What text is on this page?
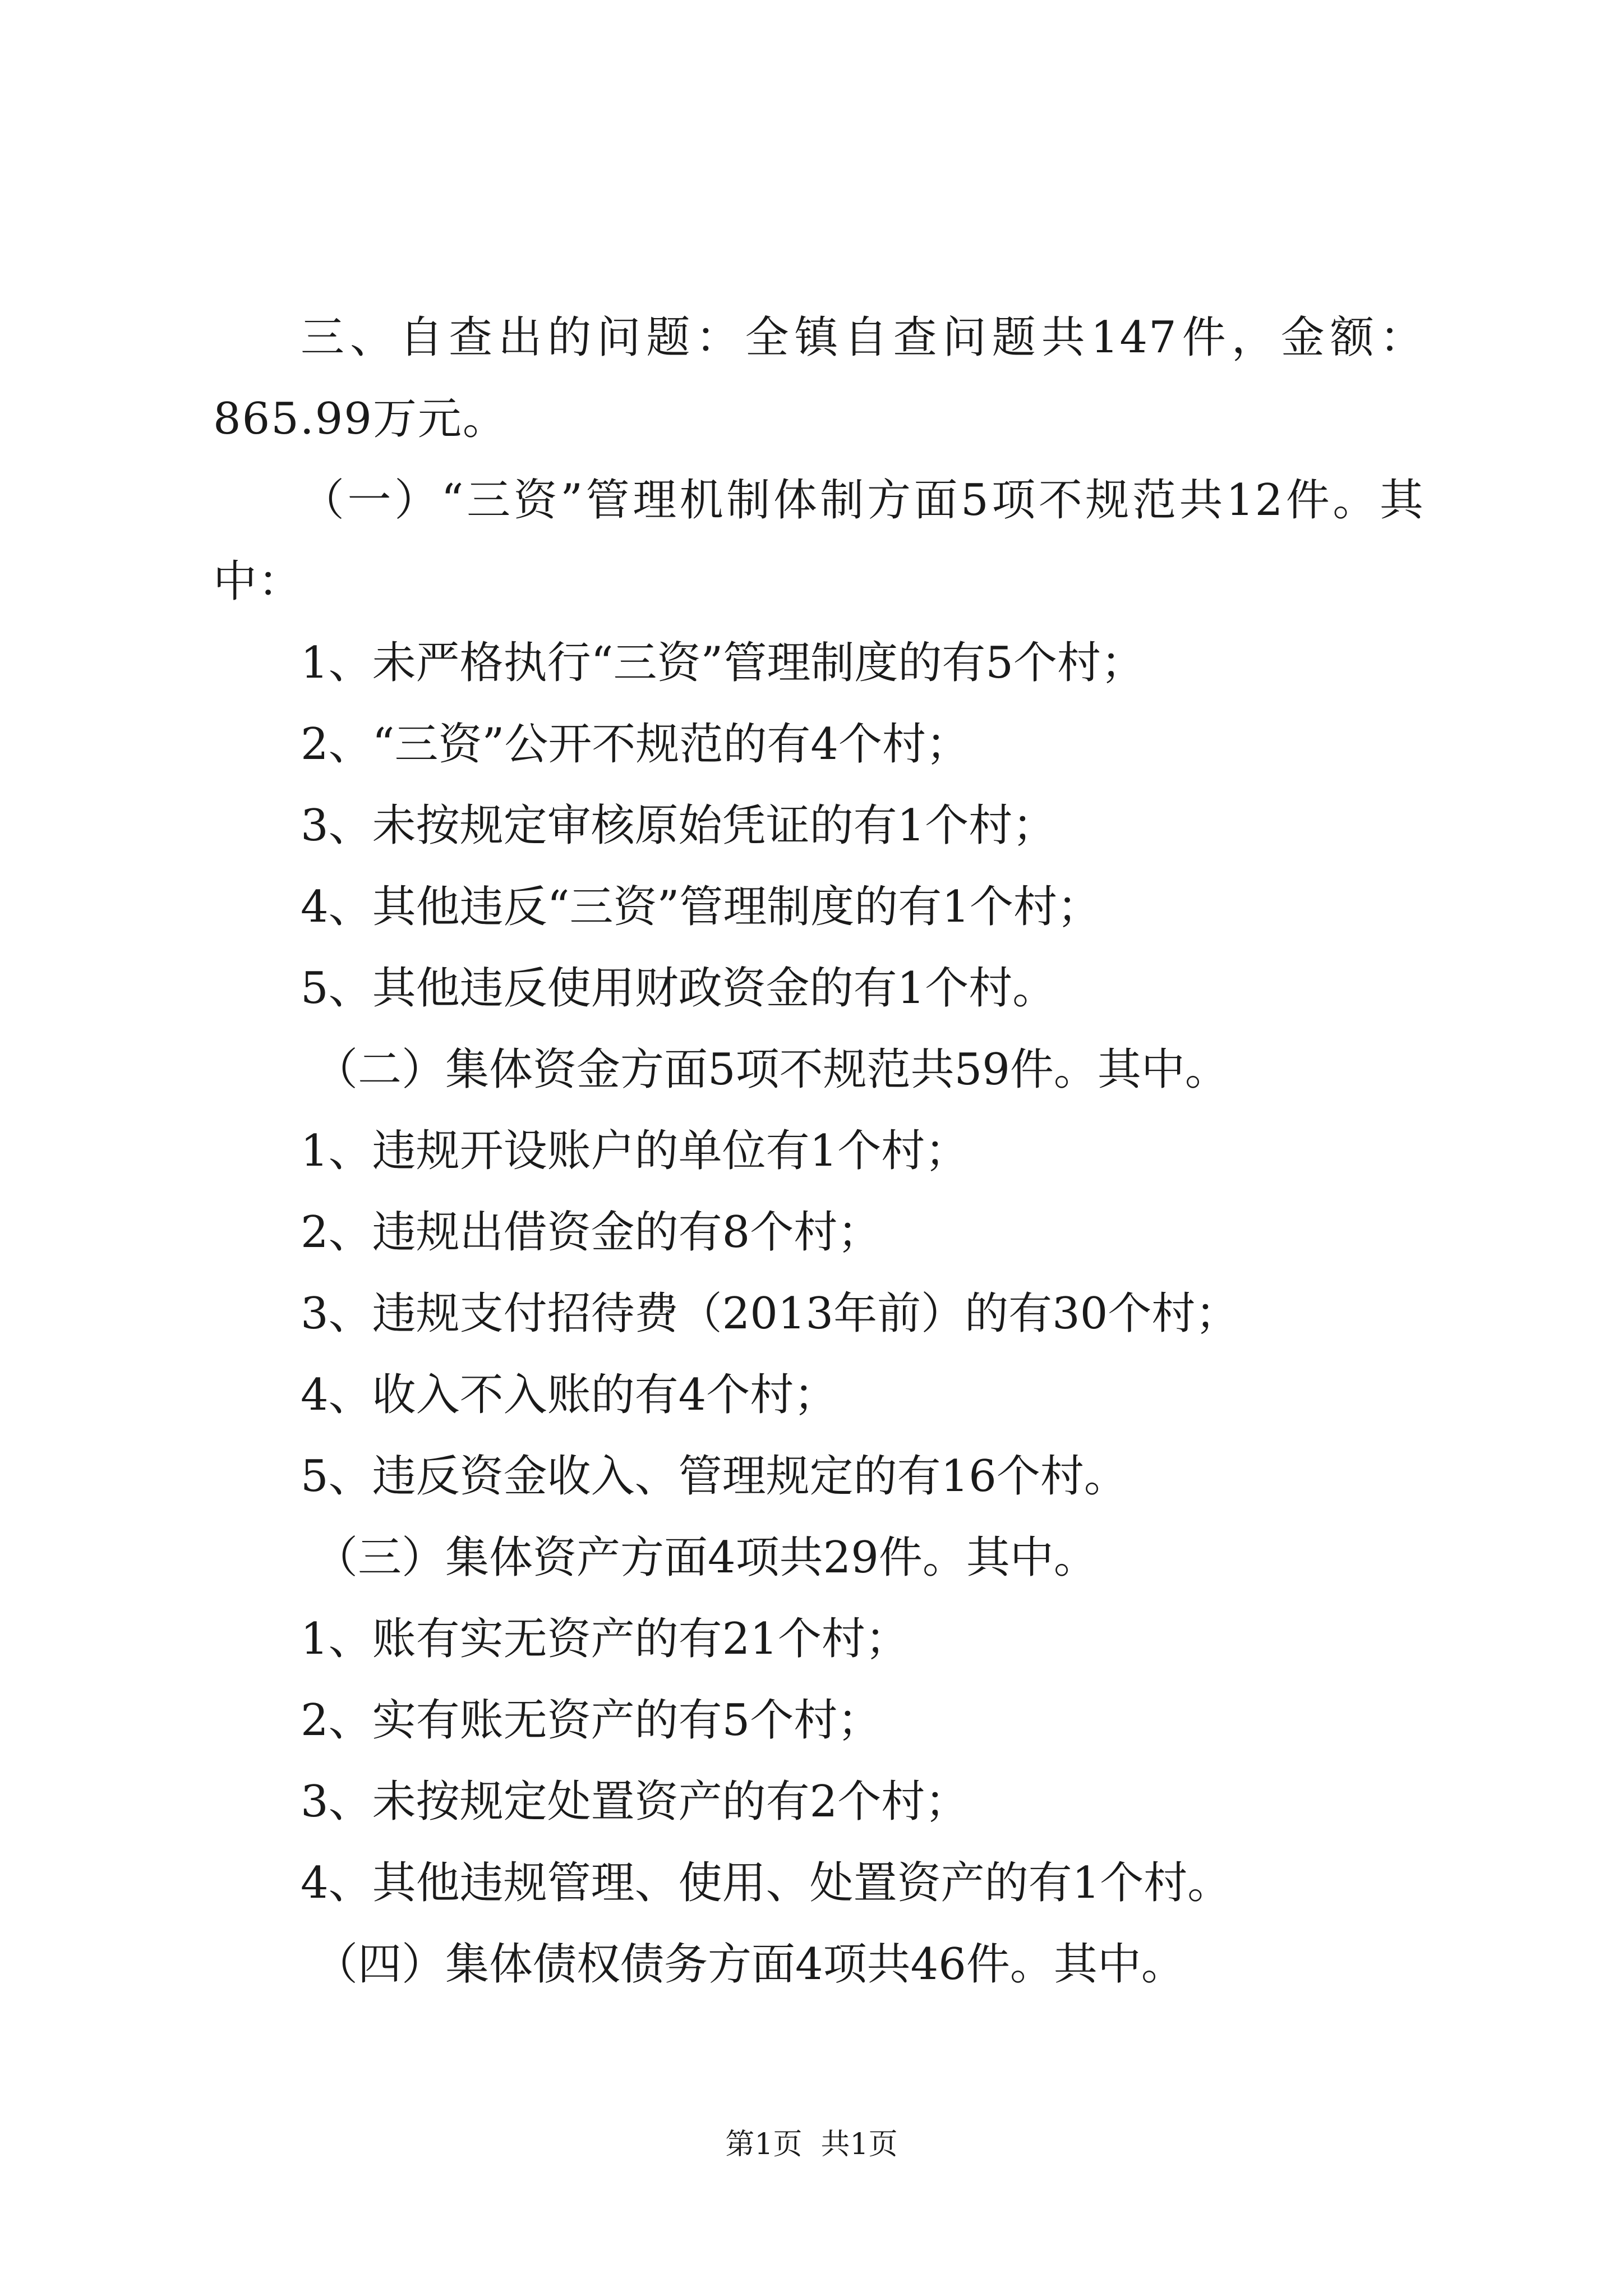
三、自查出的问题：全镇自查问题共147件，金额：865.99万元。

（一）“三资”管理机制体制方面5项不规范共12件。其中：

1、未严格执行“三资”管理制度的有5个村；

2、“三资”公开不规范的有4个村；

3、未按规定审核原始凭证的有1个村；

4、其他违反“三资”管理制度的有1个村；

5、其他违反使用财政资金的有1个村。

（二）集体资金方面5项不规范共59件。其中。

1、违规开设账户的单位有1个村；

2、违规出借资金的有8个村；

3、违规支付招待费（2013年前）的有30个村；

4、收入不入账的有4个村；

5、违反资金收入、管理规定的有16个村。

（三）集体资产方面4项共29件。其中。

1、账有实无资产的有21个村；

2、实有账无资产的有5个村；

3、未按规定处置资产的有2个村；

4、其他违规管理、使用、处置资产的有1个村。

（四）集体债权债务方面4项共46件。其中。

第1页  共1页
